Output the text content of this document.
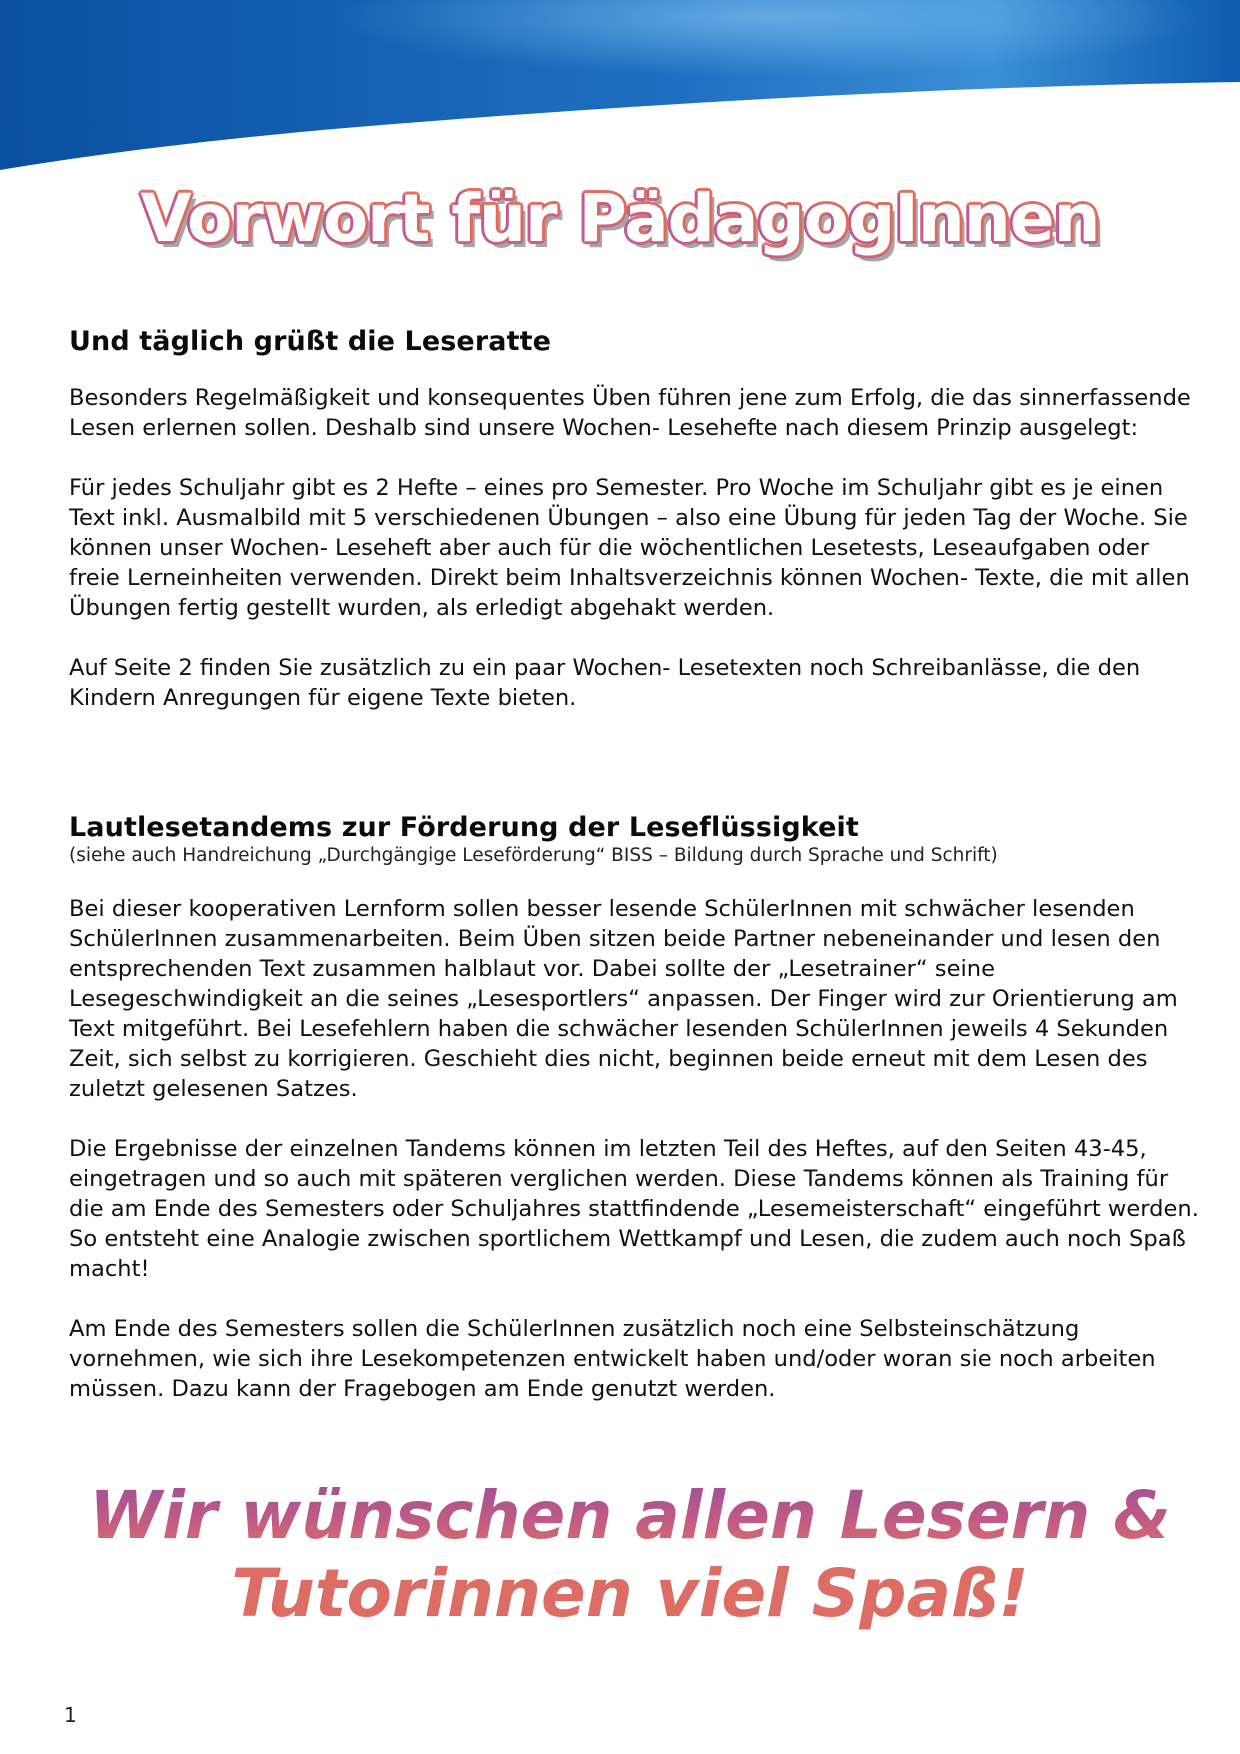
Vorwort für PädagogInnen
Und täglich grüßt die Leseratte

Besonders Regelmäßigkeit und konsequentes Üben führen jene zum Erfolg, die das sinnerfassende Lesen erlernen sollen. Deshalb sind unsere Wochen- Lesehefte nach diesem Prinzip ausgelegt:

Für jedes Schuljahr gibt es 2 Hefte – eines pro Semester. Pro Woche im Schuljahr gibt es je einen Text inkl. Ausmalbild mit 5 verschiedenen Übungen – also eine Übung für jeden Tag der Woche. Sie können unser Wochen- Leseheft aber auch für die wöchentlichen Lesetests, Leseaufgaben oder freie Lerneinheiten verwenden. Direkt beim Inhaltsverzeichnis können Wochen- Texte, die mit allen Übungen fertig gestellt wurden, als erledigt abgehakt werden.

Auf Seite 2 finden Sie zusätzlich zu ein paar Wochen- Lesetexten noch Schreibanlässe, die den Kindern Anregungen für eigene Texte bieten.

Lautlesetandems zur Förderung der Leseflüssigkeit
(siehe auch Handreichung „Durchgängige Leseförderung“ BISS – Bildung durch Sprache und Schrift)

Bei dieser kooperativen Lernform sollen besser lesende SchülerInnen mit schwächer lesenden SchülerInnen zusammenarbeiten. Beim Üben sitzen beide Partner nebeneinander und lesen den entsprechenden Text zusammen halblaut vor. Dabei sollte der „Lesetrainer“ seine Lesegeschwindigkeit an die seines „Lesesportlers“ anpassen. Der Finger wird zur Orientierung am Text mitgeführt. Bei Lesefehlern haben die schwächer lesenden SchülerInnen jeweils 4 Sekunden Zeit, sich selbst zu korrigieren. Geschieht dies nicht, beginnen beide erneut mit dem Lesen des zuletzt gelesenen Satzes.

Die Ergebnisse der einzelnen Tandems können im letzten Teil des Heftes, auf den Seiten 43-45, eingetragen und so auch mit späteren verglichen werden. Diese Tandems können als Training für die am Ende des Semesters oder Schuljahres stattfindende „Lesemeisterschaft“ eingeführt werden. So entsteht eine Analogie zwischen sportlichem Wettkampf und Lesen, die zudem auch noch Spaß macht!

Am Ende des Semesters sollen die SchülerInnen zusätzlich noch eine Selbsteinschätzung vornehmen, wie sich ihre Lesekompetenzen entwickelt haben und/oder woran sie noch arbeiten müssen. Dazu kann der Fragebogen am Ende genutzt werden.

Wir wünschen allen Lesern &
Tutorinnen viel Spaß!
1
